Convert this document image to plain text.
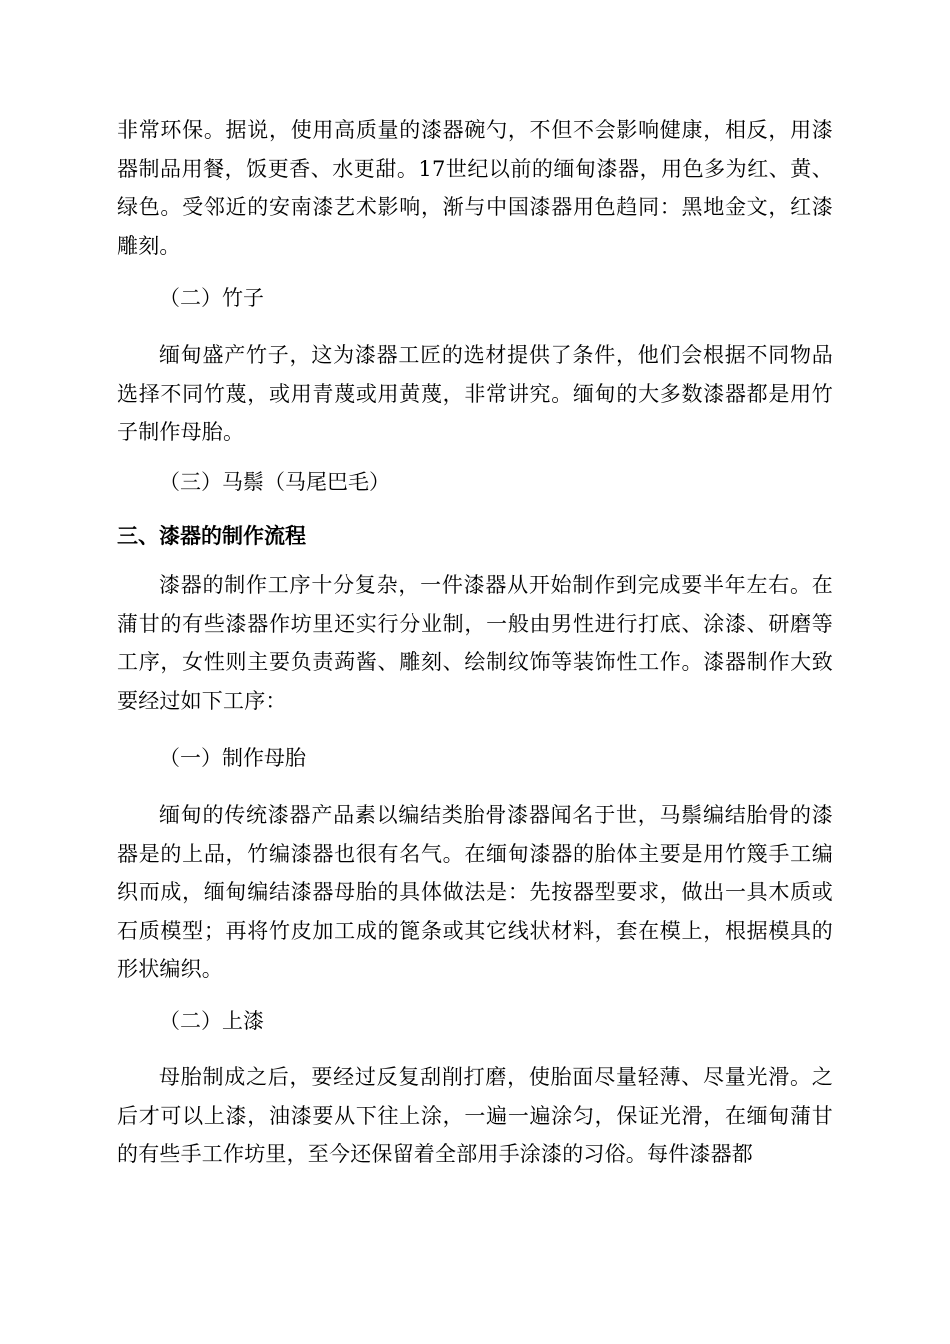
非常环保。据说，使用高质量的漆器碗勺，不但不会影响健康，相反，用漆器制品用餐，饭更香、水更甜。17世纪以前的缅甸漆器，用色多为红、黄、绿色。受邻近的安南漆艺术影响，渐与中国漆器用色趋同：黑地金文，红漆雕刻。
（二）竹子
缅甸盛产竹子，这为漆器工匠的选材提供了条件，他们会根据不同物品选择不同竹蔑，或用青蔑或用黄蔑，非常讲究。缅甸的大多数漆器都是用竹子制作母胎。
（三）马鬃（马尾巴毛）
三、漆器的制作流程
漆器的制作工序十分复杂，一件漆器从开始制作到完成要半年左右。在蒲甘的有些漆器作坊里还实行分业制，一般由男性进行打底、涂漆、研磨等工序，女性则主要负责蒟酱、雕刻、绘制纹饰等装饰性工作。漆器制作大致要经过如下工序：
（一）制作母胎
缅甸的传统漆器产品素以编结类胎骨漆器闻名于世，马鬃编结胎骨的漆器是的上品，竹编漆器也很有名气。在缅甸漆器的胎体主要是用竹篾手工编织而成，缅甸编结漆器母胎的具体做法是：先按器型要求，做出一具木质或石质模型；再将竹皮加工成的篦条或其它线状材料，套在模上，根据模具的形状编织。
（二）上漆
母胎制成之后，要经过反复刮削打磨，使胎面尽量轻薄、尽量光滑。之后才可以上漆，油漆要从下往上涂，一遍一遍涂匀，保证光滑，在缅甸蒲甘的有些手工作坊里，至今还保留着全部用手涂漆的习俗。每件漆器都
